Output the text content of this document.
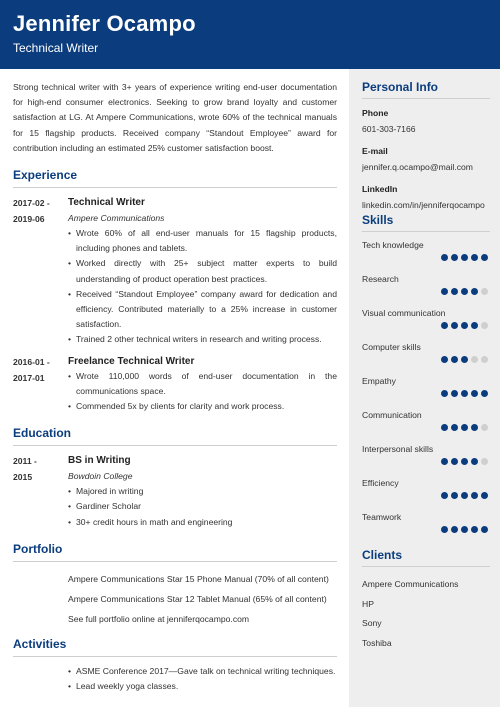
Jennifer Ocampo
Technical Writer

Strong technical writer with 3+ years of experience writing end-user documentation for high-end consumer electronics. Seeking to grow brand loyalty and customer satisfaction at LG. At Ampere Communications, wrote 60% of the technical manuals for 15 flagship products. Received company “Standout Employee” award for contribution including an estimated 25% customer satisfaction boost.

Experience
2017-02 -
2019-06
Technical Writer
Ampere Communications
• Wrote 60% of all end-user manuals for 15 flagship products, including phones and tablets.
• Worked directly with 25+ subject matter experts to build understanding of product operation best practices.
• Received “Standout Employee” company award for dedication and efficiency. Contributed materially to a 25% increase in customer satisfaction.
• Trained 2 other technical writers in research and writing process.
2016-01 -
2017-01
Freelance Technical Writer
• Wrote 110,000 words of end-user documentation in the communications space.
• Commended 5x by clients for clarity and work process.
Education
2011 -
2015
BS in Writing
Bowdoin College
• Majored in writing
• Gardiner Scholar
• 30+ credit hours in math and engineering
Portfolio
Ampere Communications Star 15 Phone Manual (70% of all content)
Ampere Communications Star 12 Tablet Manual (65% of all content)
See full portfolio online at jenniferqocampo.com
Activities
• ASME Conference 2017—Gave talk on technical writing techniques.
• Lead weekly yoga classes.
Personal Info
Phone
601-303-7166
E-mail
jennifer.q.ocampo@mail.com
LinkedIn
linkedin.com/in/jenniferqocampo
Skills
Tech knowledge
Research
Visual communication
Computer skills
Empathy
Communication
Interpersonal skills
Efficiency
Teamwork
Clients
Ampere Communications
HP
Sony
Toshiba
